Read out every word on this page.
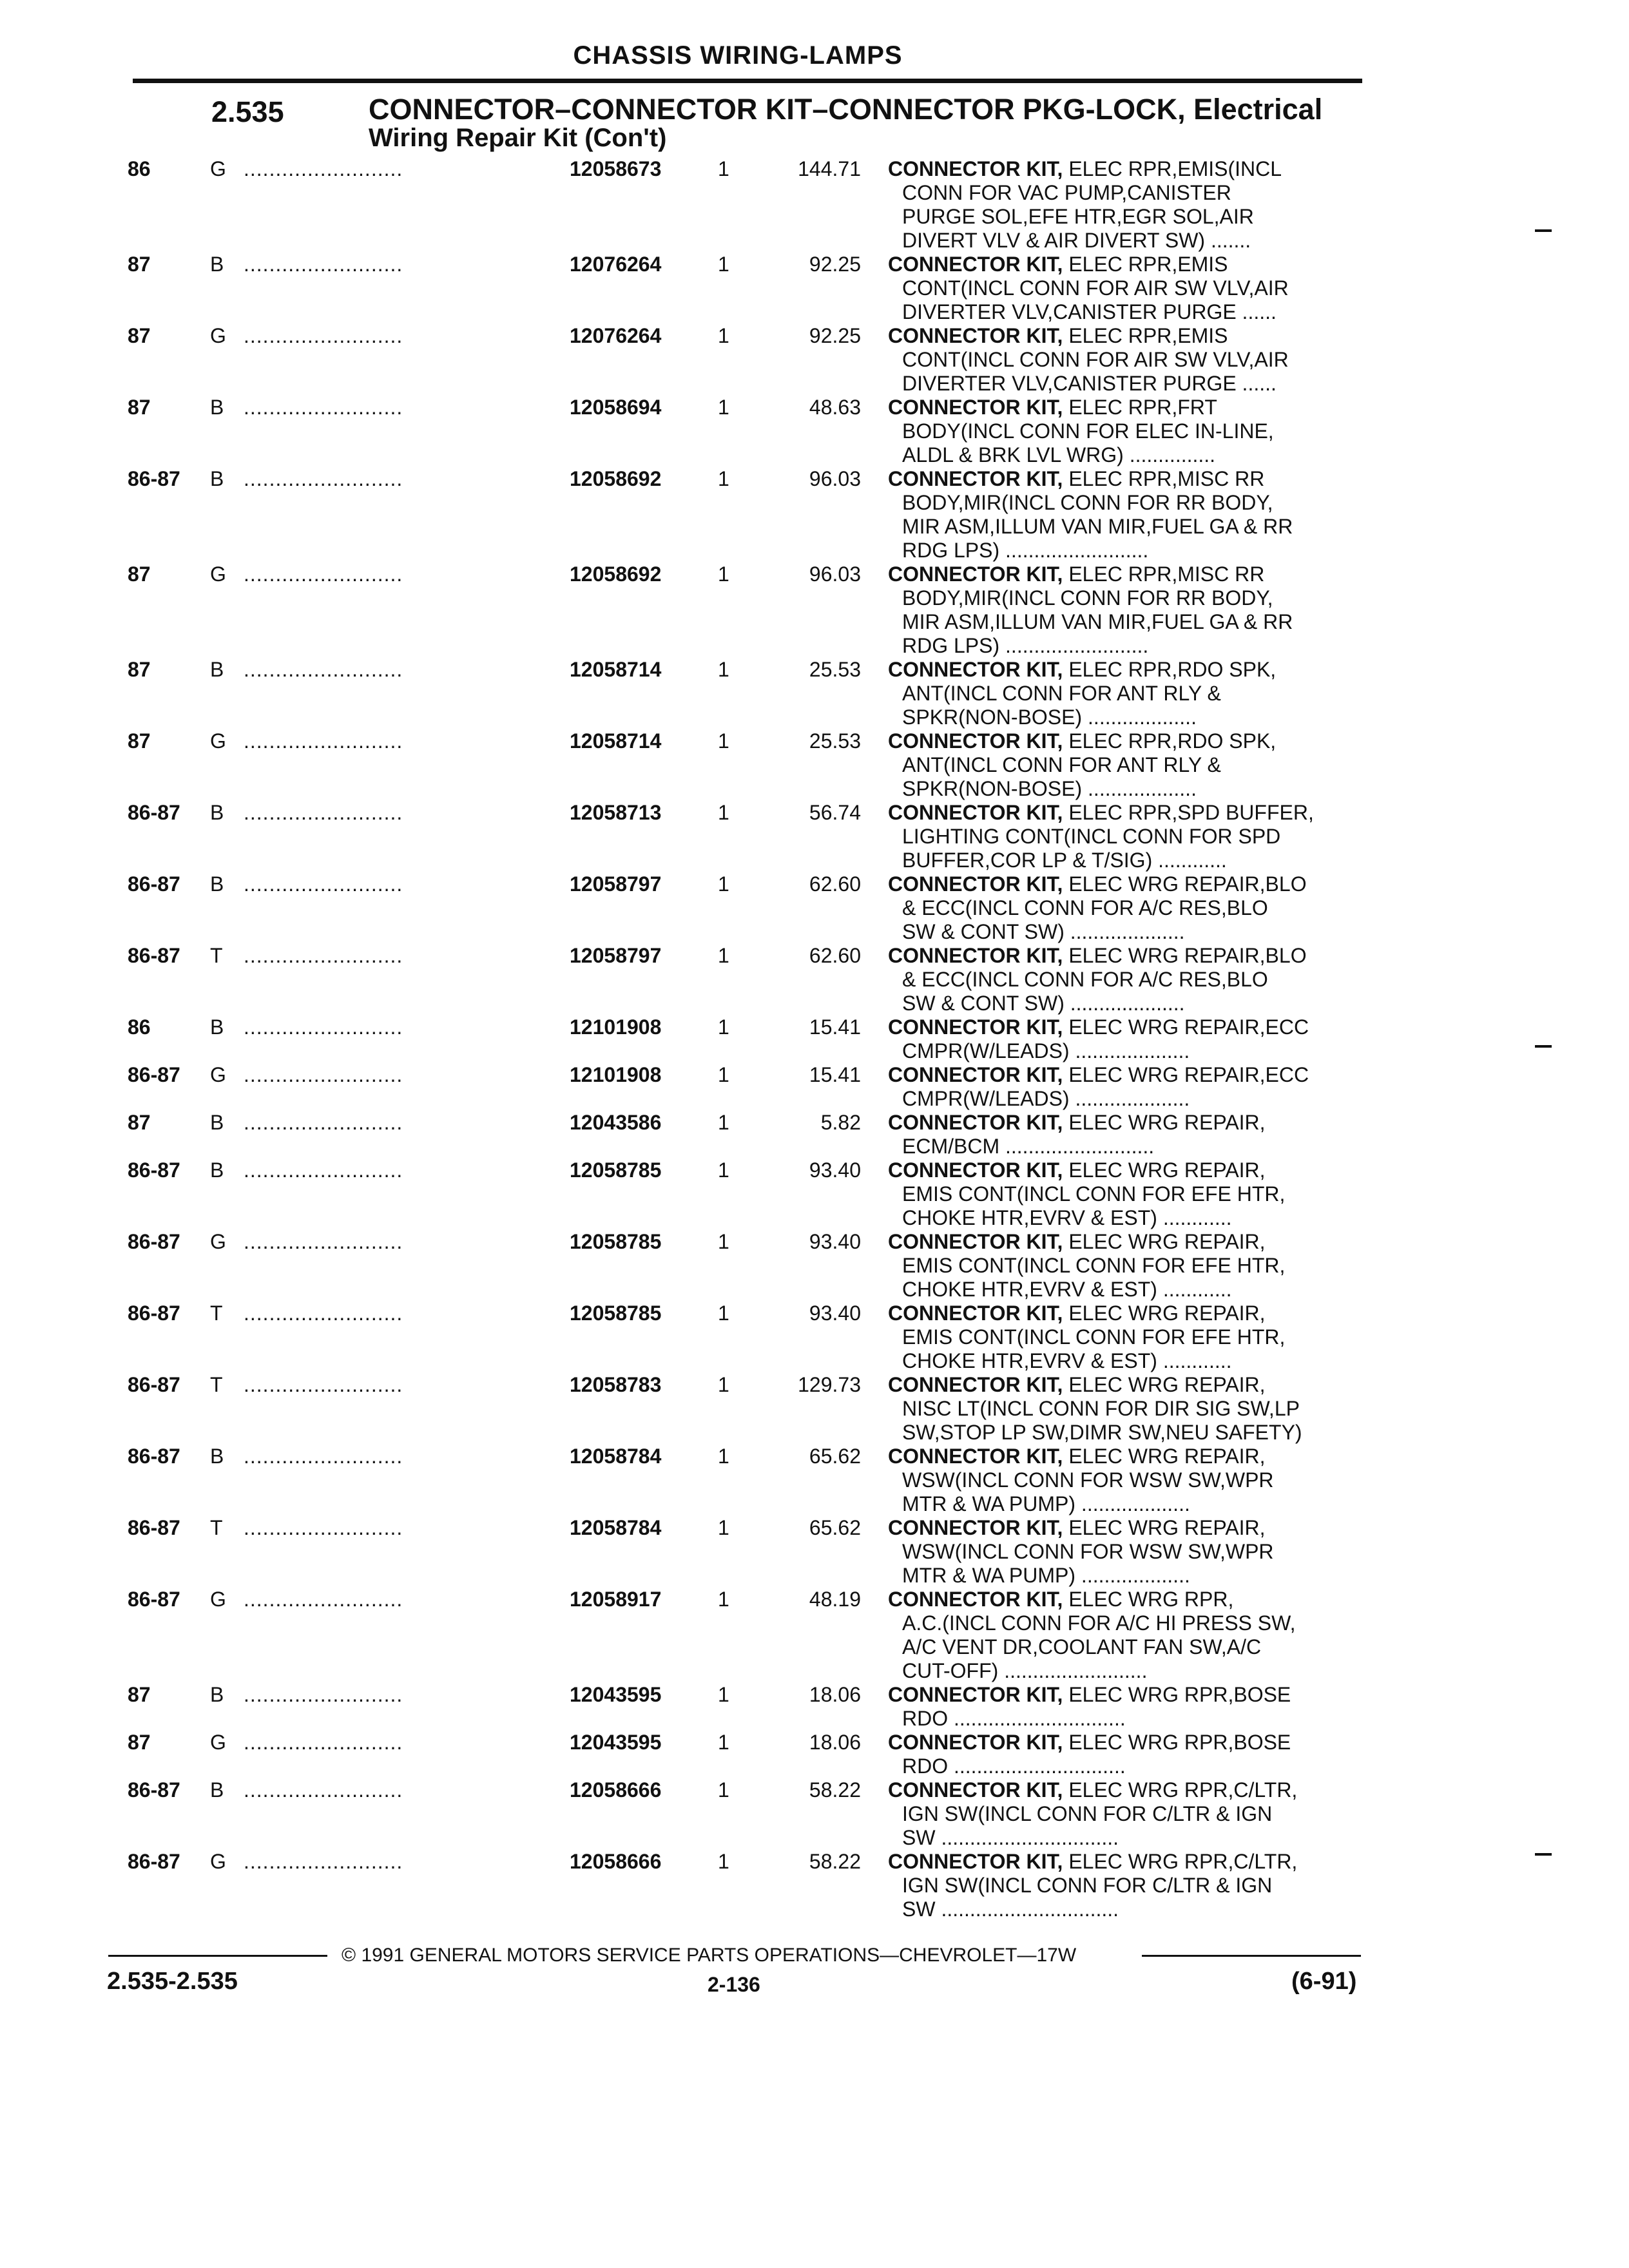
CHASSIS WIRING-LAMPS
2.535	CONNECTOR–CONNECTOR KIT–CONNECTOR PKG-LOCK, Electrical
Wiring Repair Kit (Con't)
86	G .........................	12058673	1	144.71 CONNECTOR KIT, ELEC RPR,EMIS(INCL
CONN FOR VAC PUMP,CANISTER
PURGE SOL,EFE HTR,EGR SOL,AIR
DIVERT VLV & AIR DIVERT SW) .......
87	B .........................	12076264	1	92.25 CONNECTOR KIT, ELEC RPR,EMIS
CONT(INCL CONN FOR AIR SW VLV,AIR
DIVERTER VLV,CANISTER PURGE ......
87	G .........................	12076264	1	92.25 CONNECTOR KIT, ELEC RPR,EMIS
CONT(INCL CONN FOR AIR SW VLV,AIR
DIVERTER VLV,CANISTER PURGE ......
87	B .........................	12058694	1	48.63 CONNECTOR KIT, ELEC RPR,FRT
BODY(INCL CONN FOR ELEC IN-LINE,
ALDL & BRK LVL WRG) ...............
86-87 B .........................	12058692	1	96.03 CONNECTOR KIT, ELEC RPR,MISC RR
BODY,MIR(INCL CONN FOR RR BODY,
MIR ASM,ILLUM VAN MIR,FUEL GA & RR
RDG LPS) .........................
87	G .........................	12058692	1	96.03 CONNECTOR KIT, ELEC RPR,MISC RR
BODY,MIR(INCL CONN FOR RR BODY,
MIR ASM,ILLUM VAN MIR,FUEL GA & RR
RDG LPS) .........................
87	B .........................	12058714	1	25.53 CONNECTOR KIT, ELEC RPR,RDO SPK,
ANT(INCL CONN FOR ANT RLY &
SPKR(NON-BOSE) ...................
87	G .........................	12058714	1	25.53 CONNECTOR KIT, ELEC RPR,RDO SPK,
ANT(INCL CONN FOR ANT RLY &
SPKR(NON-BOSE) ...................
86-87 B .........................	12058713	1	56.74 CONNECTOR KIT, ELEC RPR,SPD BUFFER,
LIGHTING CONT(INCL CONN FOR SPD
BUFFER,COR LP & T/SIG) ............
86-87 B .........................	12058797	1	62.60 CONNECTOR KIT, ELEC WRG REPAIR,BLO
& ECC(INCL CONN FOR A/C RES,BLO
SW & CONT SW) ....................
86-87 T .........................	12058797	1	62.60 CONNECTOR KIT, ELEC WRG REPAIR,BLO
& ECC(INCL CONN FOR A/C RES,BLO
SW & CONT SW) ....................
86	B .........................	12101908	1	15.41 CONNECTOR KIT, ELEC WRG REPAIR,ECC
CMPR(W/LEADS) ....................
86-87 G .........................	12101908	1	15.41 CONNECTOR KIT, ELEC WRG REPAIR,ECC
CMPR(W/LEADS) ....................
87	B .........................	12043586	1	5.82 CONNECTOR KIT, ELEC WRG REPAIR,
ECM/BCM ..........................
86-87 B .........................	12058785	1	93.40 CONNECTOR KIT, ELEC WRG REPAIR,
EMIS CONT(INCL CONN FOR EFE HTR,
CHOKE HTR,EVRV & EST) ............
86-87 G .........................	12058785	1	93.40 CONNECTOR KIT, ELEC WRG REPAIR,
EMIS CONT(INCL CONN FOR EFE HTR,
CHOKE HTR,EVRV & EST) ............
86-87 T .........................	12058785	1	93.40 CONNECTOR KIT, ELEC WRG REPAIR,
EMIS CONT(INCL CONN FOR EFE HTR,
CHOKE HTR,EVRV & EST) ............
86-87 T .........................	12058783	1	129.73 CONNECTOR KIT, ELEC WRG REPAIR,
NISC LT(INCL CONN FOR DIR SIG SW,LP
SW,STOP LP SW,DIMR SW,NEU SAFETY)
86-87 B .........................	12058784	1	65.62 CONNECTOR KIT, ELEC WRG REPAIR,
WSW(INCL CONN FOR WSW SW,WPR
MTR & WA PUMP) ...................
86-87 T .........................	12058784	1	65.62 CONNECTOR KIT, ELEC WRG REPAIR,
WSW(INCL CONN FOR WSW SW,WPR
MTR & WA PUMP) ...................
86-87 G .........................	12058917	1	48.19 CONNECTOR KIT, ELEC WRG RPR,
A.C.(INCL CONN FOR A/C HI PRESS SW,
A/C VENT DR,COOLANT FAN SW,A/C
CUT-OFF) .........................
87	B .........................	12043595	1	18.06 CONNECTOR KIT, ELEC WRG RPR,BOSE
RDO ..............................
87	G .........................	12043595	1	18.06 CONNECTOR KIT, ELEC WRG RPR,BOSE
RDO ..............................
86-87 B .........................	12058666	1	58.22 CONNECTOR KIT, ELEC WRG RPR,C/LTR,
IGN SW(INCL CONN FOR C/LTR & IGN
SW ...............................
86-87 G .........................	12058666	1	58.22 CONNECTOR KIT, ELEC WRG RPR,C/LTR,
IGN SW(INCL CONN FOR C/LTR & IGN
SW ...............................
© 1991 GENERAL MOTORS SERVICE PARTS OPERATIONS—CHEVROLET—17W
2.535-2.535	2-136	(6-91)
